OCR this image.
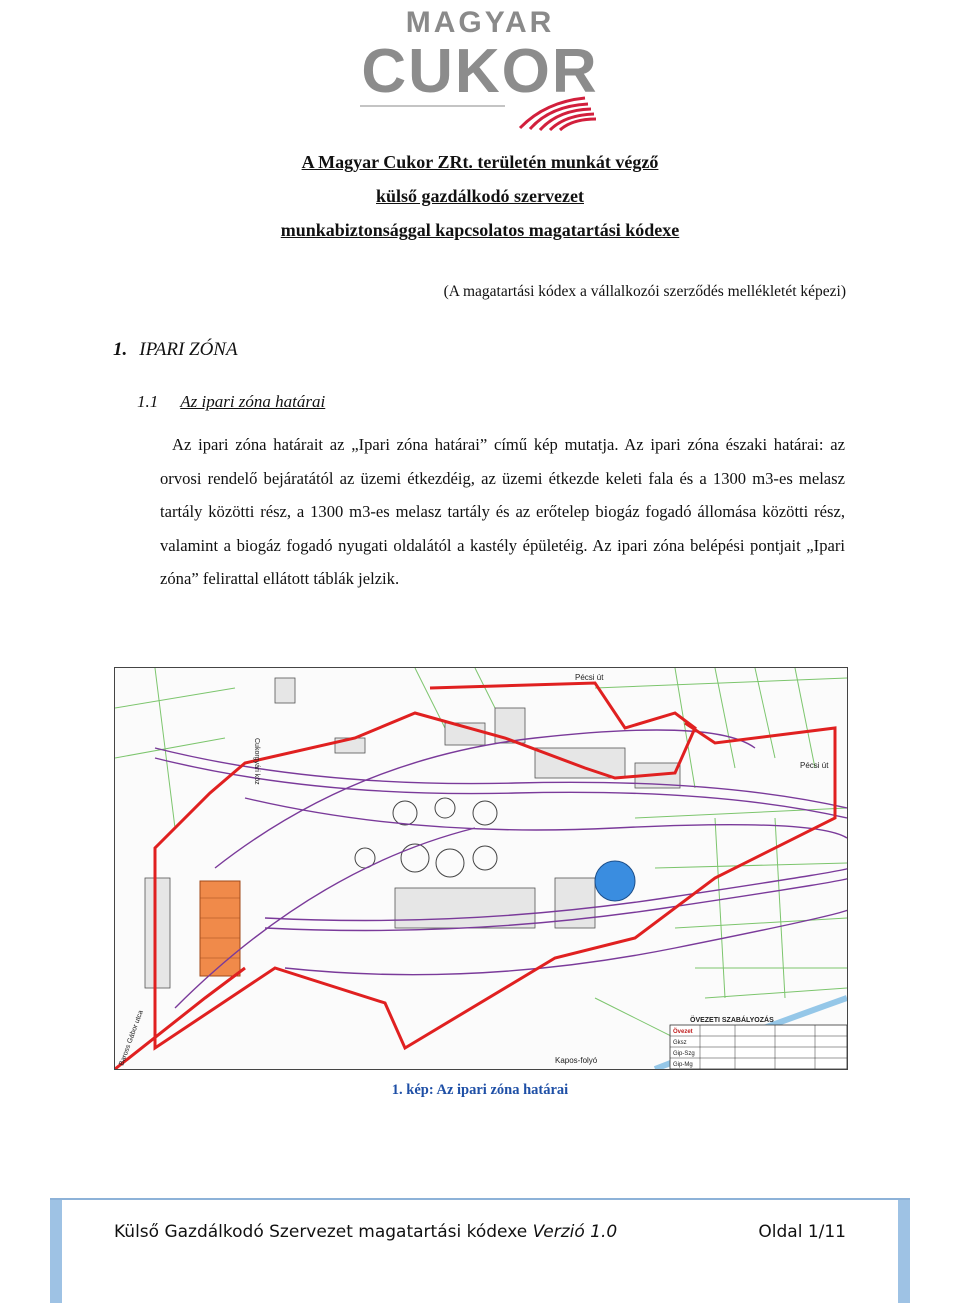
MAGYAR
CUKOR
A Magyar Cukor ZRt. területén munkát végző
külső gazdálkodó szervezet
munkabiztonsággal kapcsolatos magatartási kódexe
(A magatartási kódex a vállalkozói szerződés mellékletét képezi)
1. IPARI ZÓNA
1.1 Az ipari zóna határai
Az ipari zóna határait az „Ipari zóna határai” című kép mutatja. Az ipari zóna északi határai: az orvosi rendelő bejáratától az üzemi étkezdéig, az üzemi étkezde keleti fala és a 1300 m3-es melasz tartály közötti rész, a 1300 m3-es melasz tartály és az erőtelep biogáz fogadó állomása közötti rész, valamint a biogáz fogadó nyugati oldalától a kastély épületéig. Az ipari zóna belépési pontjait „Ipari zóna” felirattal ellátott táblák jelzik.
Pécsi út
Pécsi út
Cukorgyári köz
Kapos-folyó
Baross Gábor utca	ÖVEZETI SZABÁLYOZÁS
Övezet
Gksz
Gip-Szg
Gip-Mg
1. kép: Az ipari zóna határai
Külső Gazdálkodó Szervezet magatartási kódexe Verzió 1.0	Oldal 1/11
